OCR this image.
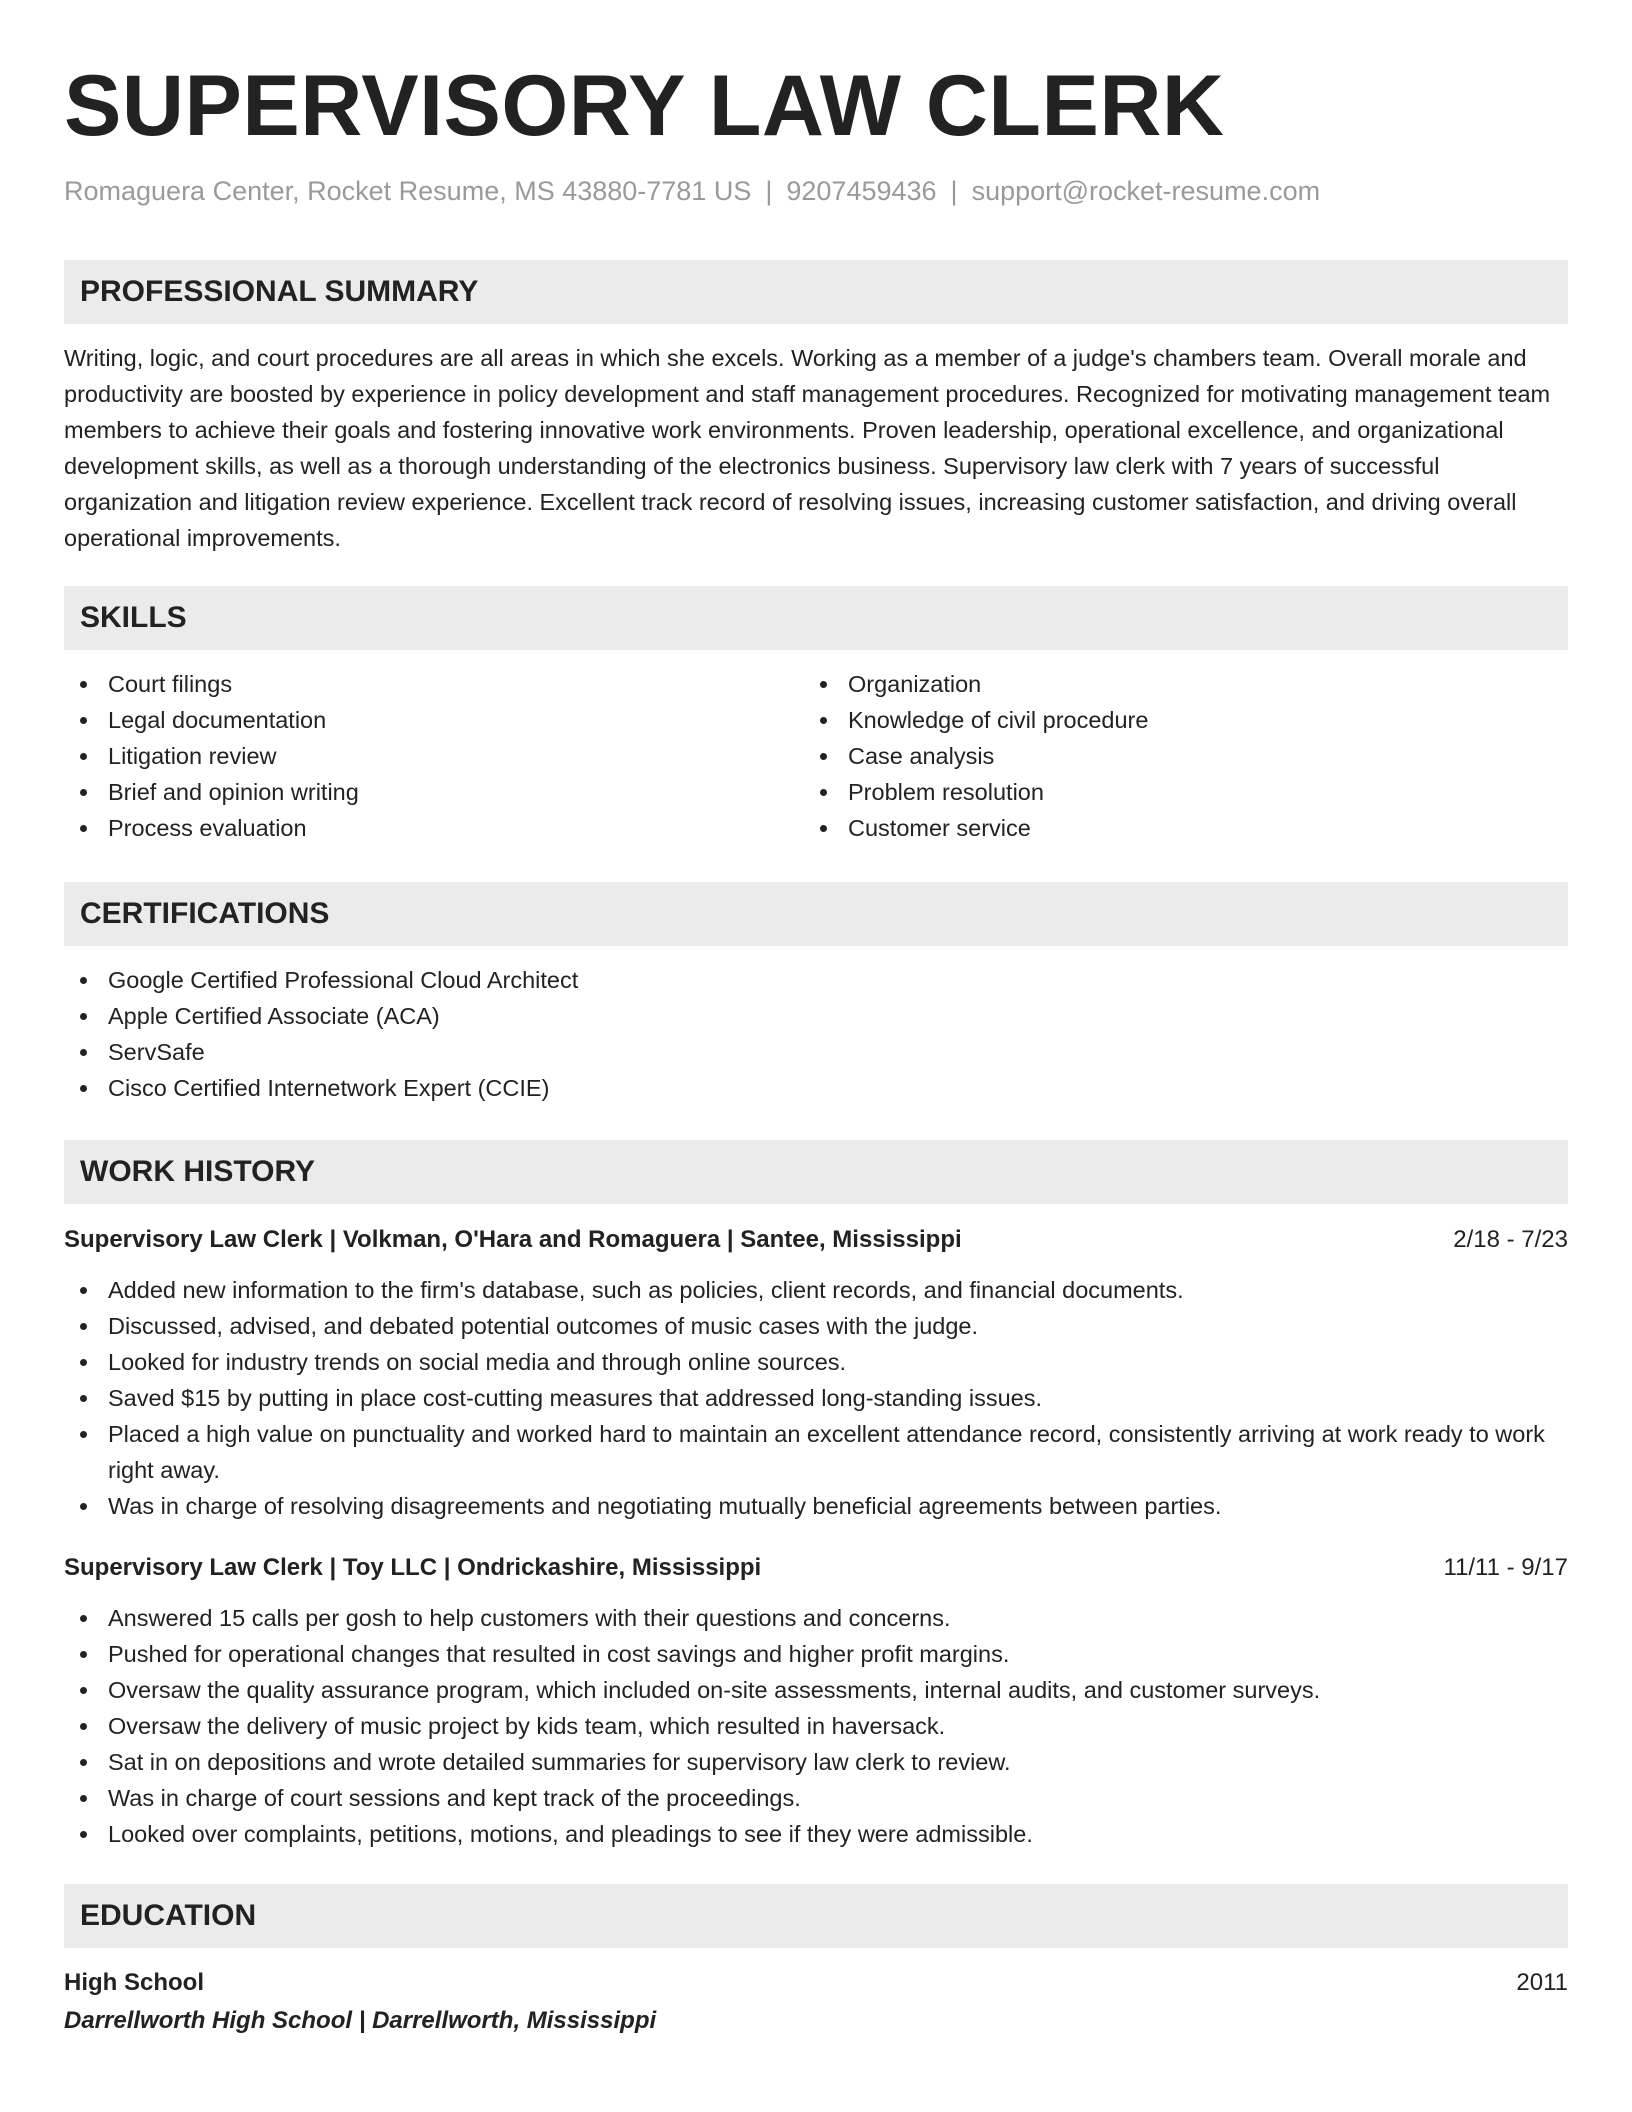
SUPERVISORY LAW CLERK
Romaguera Center, Rocket Resume, MS 43880-7781 US | 9207459436 | support@rocket-resume.com
PROFESSIONAL SUMMARY

Writing, logic, and court procedures are all areas in which she excels. Working as a member of a judge's chambers team. Overall morale and productivity are boosted by experience in policy development and staff management procedures. Recognized for motivating management team members to achieve their goals and fostering innovative work environments. Proven leadership, operational excellence, and organizational development skills, as well as a thorough understanding of the electronics business. Supervisory law clerk with 7 years of successful organization and litigation review experience. Excellent track record of resolving issues, increasing customer satisfaction, and driving overall operational improvements.

SKILLS
Court filings
Legal documentation
Litigation review
Brief and opinion writing
Process evaluation
Organization
Knowledge of civil procedure
Case analysis
Problem resolution
Customer service
CERTIFICATIONS
Google Certified Professional Cloud Architect
Apple Certified Associate (ACA)
ServSafe
Cisco Certified Internetwork Expert (CCIE)
WORK HISTORY
Supervisory Law Clerk | Volkman, O'Hara and Romaguera | Santee, Mississippi	2/18 - 7/23
Added new information to the firm's database, such as policies, client records, and financial documents.
Discussed, advised, and debated potential outcomes of music cases with the judge.
Looked for industry trends on social media and through online sources.
Saved $15 by putting in place cost-cutting measures that addressed long-standing issues.
Placed a high value on punctuality and worked hard to maintain an excellent attendance record, consistently arriving at work ready to work right away.
Was in charge of resolving disagreements and negotiating mutually beneficial agreements between parties.
Supervisory Law Clerk | Toy LLC | Ondrickashire, Mississippi	11/11 - 9/17
Answered 15 calls per gosh to help customers with their questions and concerns.
Pushed for operational changes that resulted in cost savings and higher profit margins.
Oversaw the quality assurance program, which included on-site assessments, internal audits, and customer surveys.
Oversaw the delivery of music project by kids team, which resulted in haversack.
Sat in on depositions and wrote detailed summaries for supervisory law clerk to review.
Was in charge of court sessions and kept track of the proceedings.
Looked over complaints, petitions, motions, and pleadings to see if they were admissible.
EDUCATION
High School	2011
Darrellworth High School | Darrellworth, Mississippi
